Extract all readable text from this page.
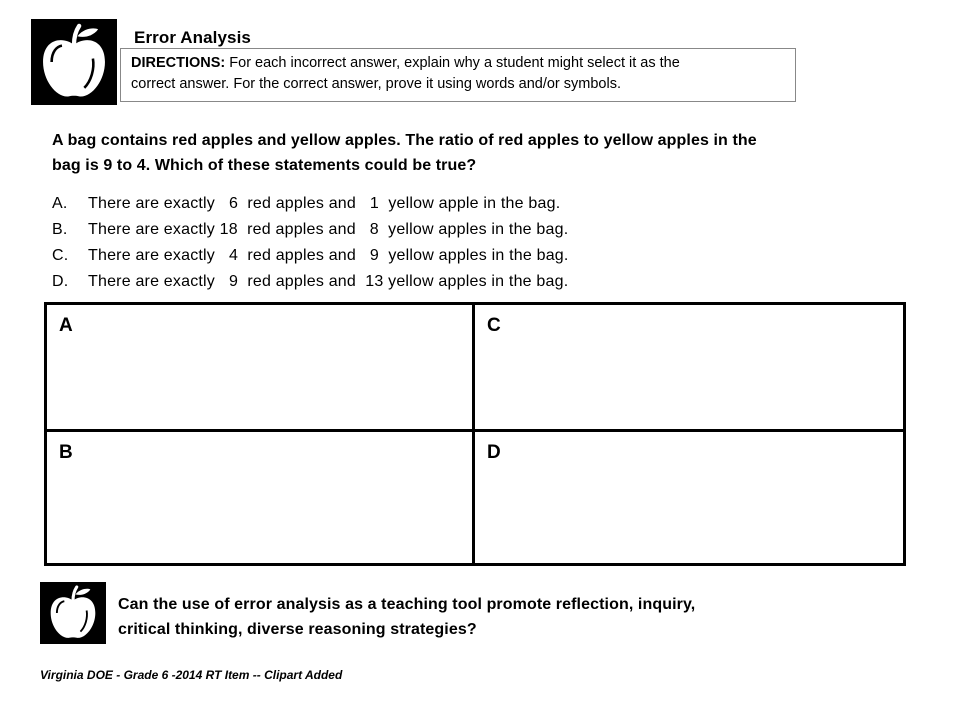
Error Analysis
DIRECTIONS: For each incorrect answer, explain why a student might select it as the
correct answer. For the correct answer, prove it using words and/or symbols.
A bag contains red apples and yellow apples. The ratio of red apples to yellow apples in the
bag is 9 to 4. Which of these statements could be true?
A.	There are exactly   6  red apples and   1  yellow apple in the bag.
B.	There are exactly 18  red apples and   8  yellow apples in the bag.
C.	There are exactly   4  red apples and   9  yellow apples in the bag.
D.	There are exactly   9  red apples and  13 yellow apples in the bag.
A	C
B	D
Can the use of error analysis as a teaching tool promote reflection, inquiry,
critical thinking, diverse reasoning strategies?
Virginia DOE - Grade 6 -2014 RT Item -- Clipart Added
